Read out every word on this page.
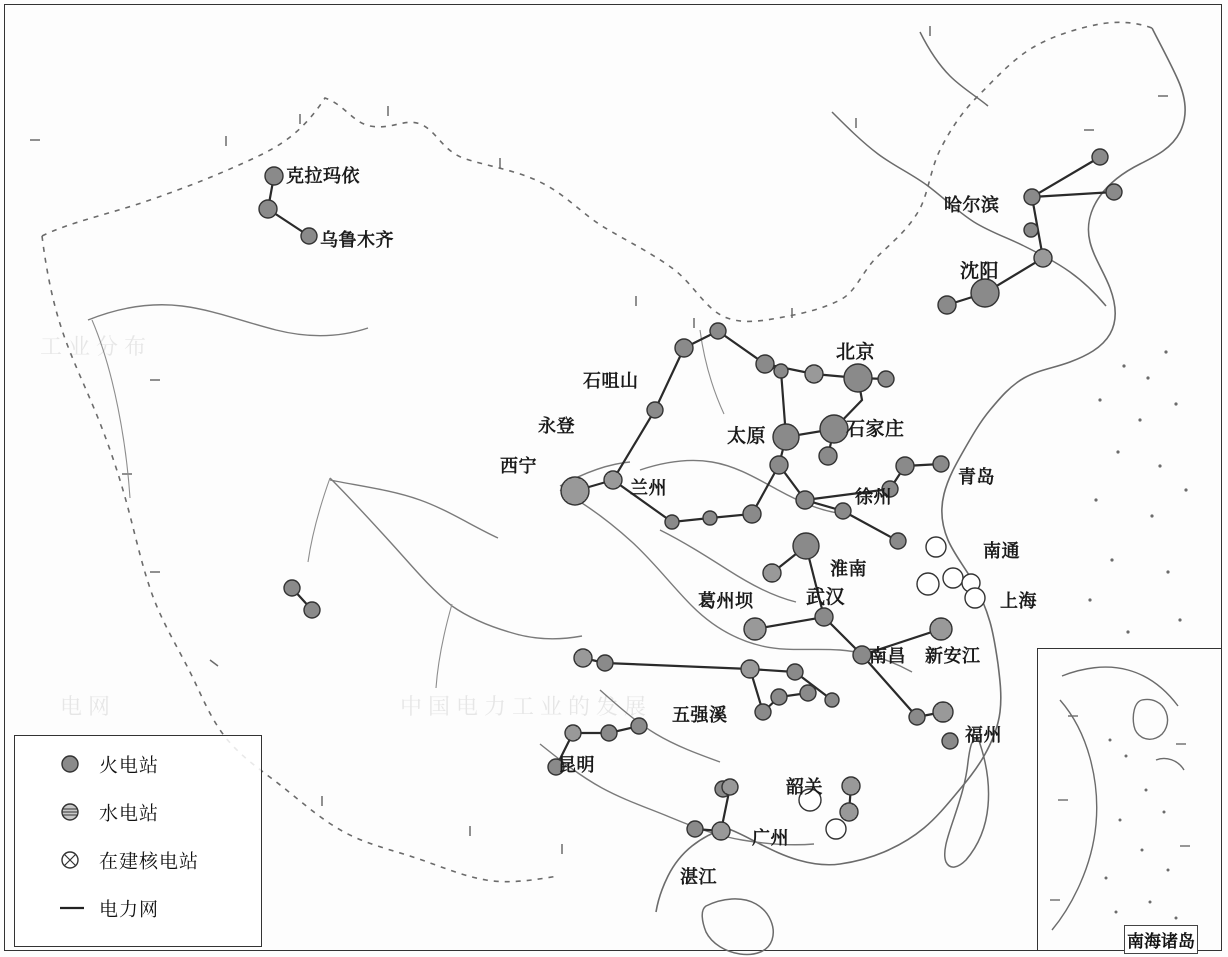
工业分布
中国电力工业的发展
电网
克拉玛依
乌鲁木齐
哈尔滨
沈阳
北京
石咀山
永登	太原	石家庄
西宁
兰州
青岛
徐州
南通
淮南
上海
葛州坝	武汉
南昌 新安江
五强溪
福州
昆明
韶关
广州
湛江
火电站
水电站
在建核电站
电力网
南海诸岛
